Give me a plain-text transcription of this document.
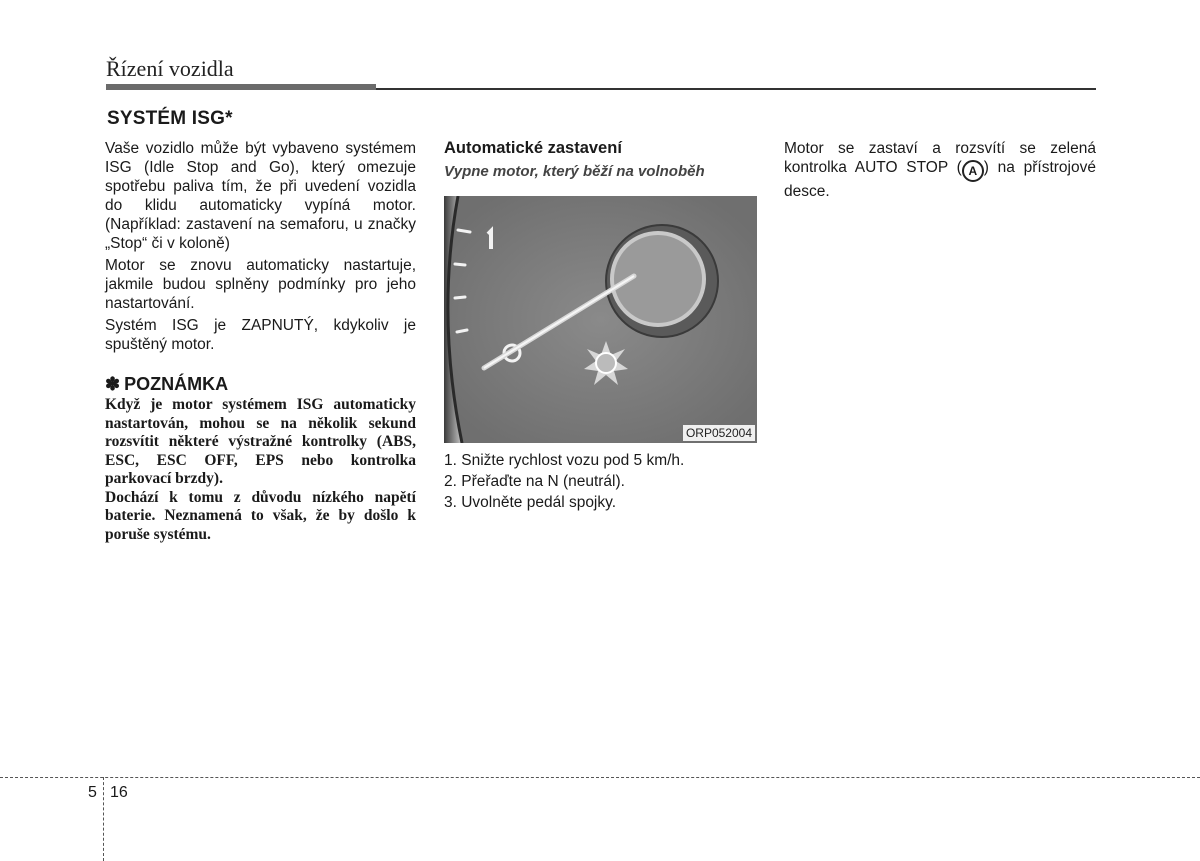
Řízení vozidla
SYSTÉM ISG*

Vaše vozidlo může být vybaveno systémem ISG (Idle Stop and Go), který omezuje spotřebu paliva tím, že při uvedení vozidla do klidu automaticky vypíná motor. (Například: zastavení na semaforu, u značky „Stop“ či v koloně)

Motor se znovu automaticky nastartuje, jakmile budou splněny podmínky pro jeho nastartování.

Systém ISG je ZAPNUTÝ, kdykoliv je spuštěný motor.

✽ POZNÁMKA

Když je motor systémem ISG automaticky nastartován, mohou se na několik sekund rozsvítit některé výstražné kontrolky (ABS, ESC, ESC OFF, EPS nebo kontrolka parkovací brzdy).

Dochází k tomu z důvodu nízkého napětí baterie. Neznamená to však, že by došlo k poruše systému.

Automatické zastavení
Vypne motor, který běží na volnoběh
ORP052004
1. Snižte rychlost vozu pod 5 km/h.
2. Přeřaďte na N (neutrál).
3. Uvolněte pedál spojky.

Motor se zastaví a rozsvítí se zelená kontrolka AUTO STOP ( A ) na přístrojové desce.

5 16
